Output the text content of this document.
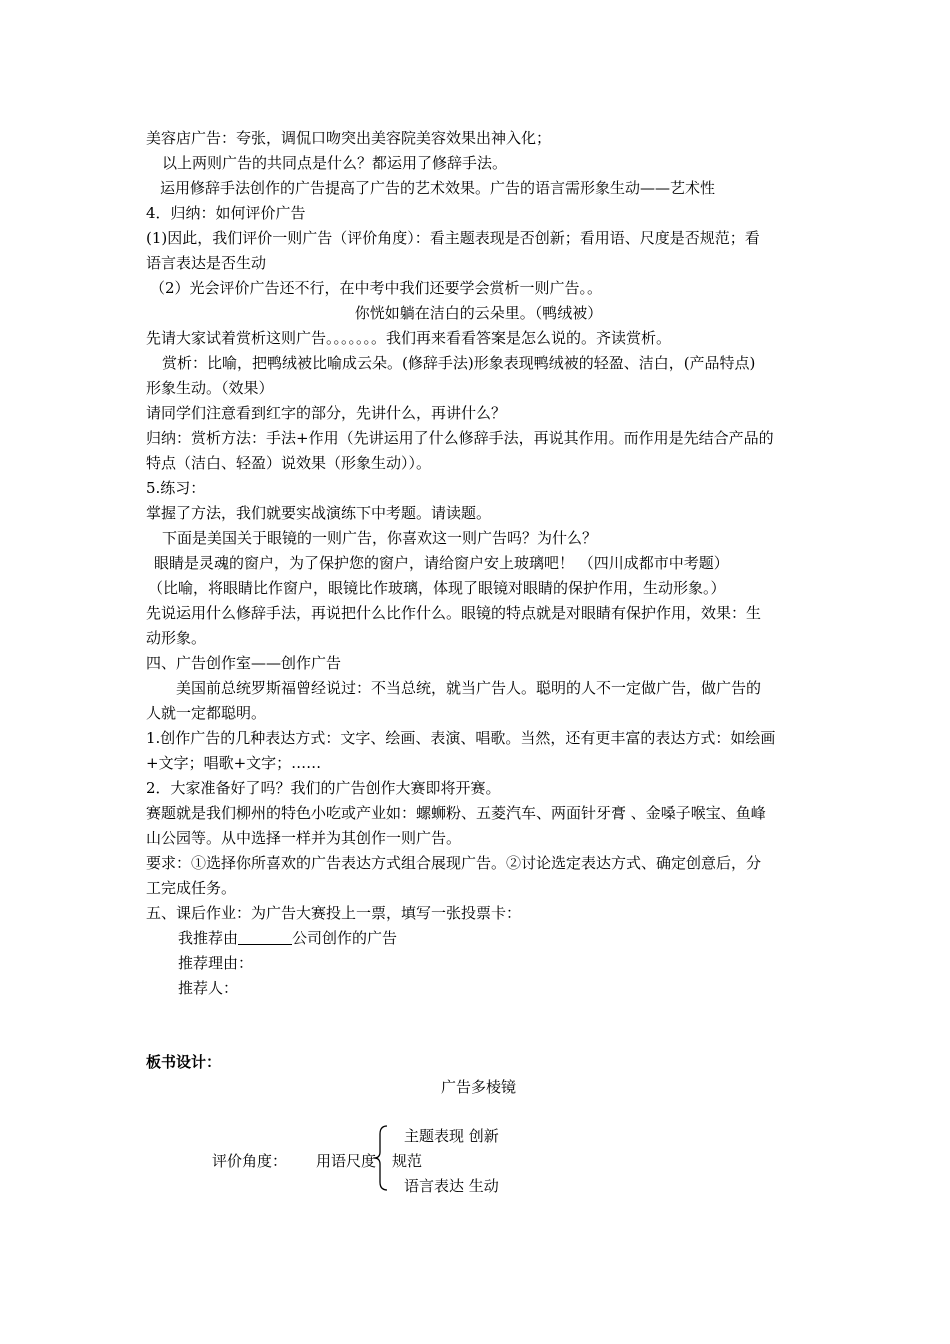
美容店广告：夸张，调侃口吻突出美容院美容效果出神入化；
以上两则广告的共同点是什么？都运用了修辞手法。
运用修辞手法创作的广告提高了广告的艺术效果。广告的语言需形象生动——艺术性
4．归纳：如何评价广告
(1)因此，我们评价一则广告（评价角度）：看主题表现是否创新；看用语、尺度是否规范；看
语言表达是否生动
（2）光会评价广告还不行，在中考中我们还要学会赏析一则广告。。
你恍如躺在洁白的云朵里。（鸭绒被）
先请大家试着赏析这则广告。。。。。。。我们再来看看答案是怎么说的。齐读赏析。
赏析：比喻，把鸭绒被比喻成云朵。(修辞手法)形象表现鸭绒被的轻盈、洁白，(产品特点)
形象生动。（效果）
请同学们注意看到红字的部分，先讲什么，再讲什么？
归纳：赏析方法：手法+作用（先讲运用了什么修辞手法，再说其作用。而作用是先结合产品的
特点（洁白、轻盈）说效果（形象生动））。
5.练习：
掌握了方法，我们就要实战演练下中考题。请读题。
下面是美国关于眼镜的一则广告，你喜欢这一则广告吗？为什么？
眼睛是灵魂的窗户，为了保护您的窗户，请给窗户安上玻璃吧！ （四川成都市中考题）
（比喻，将眼睛比作窗户，眼镜比作玻璃，体现了眼镜对眼睛的保护作用，生动形象。）
先说运用什么修辞手法，再说把什么比作什么。眼镜的特点就是对眼睛有保护作用，效果：生
动形象。
四、广告创作室——创作广告
美国前总统罗斯福曾经说过：不当总统，就当广告人。聪明的人不一定做广告，做广告的
人就一定都聪明。
1.创作广告的几种表达方式：文字、绘画、表演、唱歌。当然，还有更丰富的表达方式：如绘画
+文字；唱歌+文字；……
2．大家准备好了吗？我们的广告创作大赛即将开赛。
赛题就是我们柳州的特色小吃或产业如：螺蛳粉、五菱汽车、两面针牙膏 、金嗓子喉宝、鱼峰
山公园等。从中选择一样并为其创作一则广告。
要求：①选择你所喜欢的广告表达方式组合展现广告。②讨论选定表达方式、确定创意后，分
工完成任务。
五、课后作业：为广告大赛投上一票，填写一张投票卡：
我推荐由	公司创作的广告
推荐理由：
推荐人：
板书设计：
广告多棱镜
评价角度： 用语尺度
主题表现 创新
规范
语言表达 生动
